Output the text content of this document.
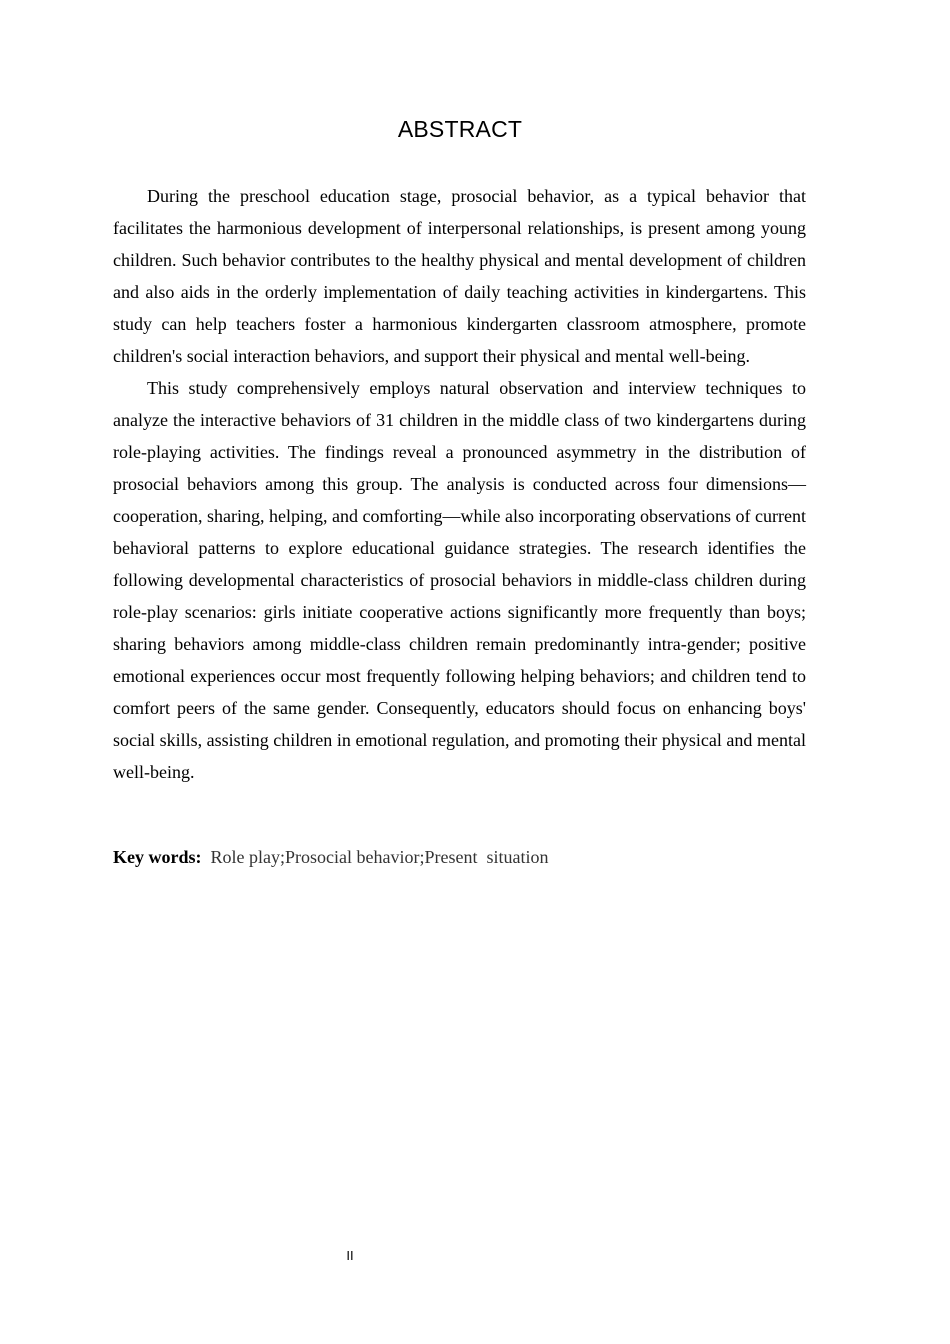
ABSTRACT

During the preschool education stage, prosocial behavior, as a typical behavior that facilitates the harmonious development of interpersonal relationships, is present among young children. Such behavior contributes to the healthy physical and mental development of children and also aids in the orderly implementation of daily teaching activities in kindergartens. This study can help teachers foster a harmonious kindergarten classroom atmosphere, promote children's social interaction behaviors, and support their physical and mental well-being.

This study comprehensively employs natural observation and interview techniques to analyze the interactive behaviors of 31 children in the middle class of two kindergartens during role-playing activities. The findings reveal a pronounced asymmetry in the distribution of prosocial behaviors among this group. The analysis is conducted across four dimensions—cooperation, sharing, helping, and comforting—while also incorporating observations of current behavioral patterns to explore educational guidance strategies. The research identifies the following developmental characteristics of prosocial behaviors in middle-class children during role-play scenarios: girls initiate cooperative actions significantly more frequently than boys; sharing behaviors among middle-class children remain predominantly intra-gender; positive emotional experiences occur most frequently following helping behaviors; and children tend to comfort peers of the same gender. Consequently, educators should focus on enhancing boys' social skills, assisting children in emotional regulation, and promoting their physical and mental well-being.

Key words: Role play;Prosocial behavior;Present  situation
II
